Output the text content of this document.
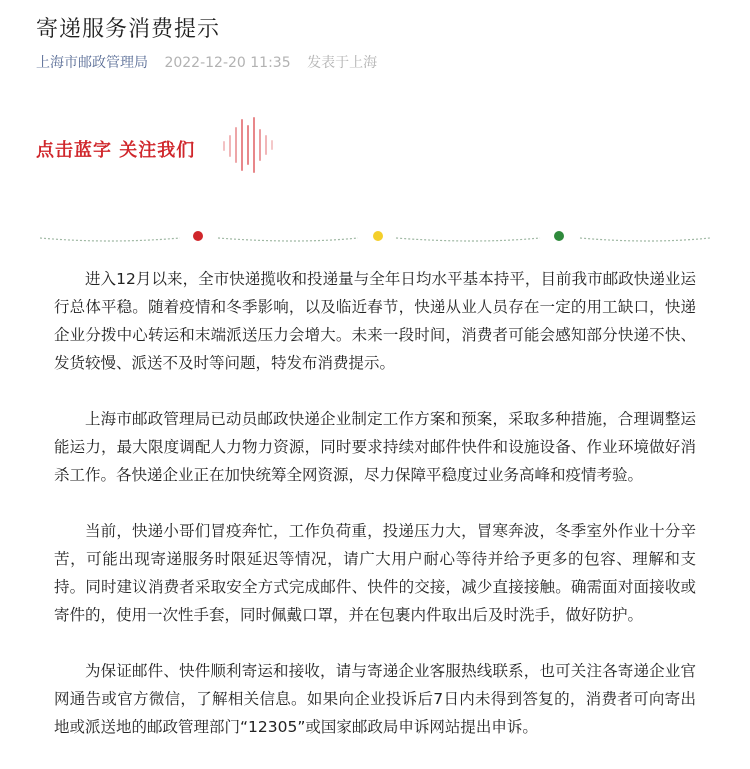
寄递服务消费提示
上海市邮政管理局 2022-12-20 11:35 发表于上海
点击蓝字 关注我们

进入12月以来，全市快递揽收和投递量与全年日均水平基本持平，目前我市邮政快递业运行总体平稳。随着疫情和冬季影响，以及临近春节，快递从业人员存在一定的用工缺口，快递企业分拨中心转运和末端派送压力会增大。未来一段时间，消费者可能会感知部分快递不快、发货较慢、派送不及时等问题，特发布消费提示。

上海市邮政管理局已动员邮政快递企业制定工作方案和预案，采取多种措施，合理调整运能运力，最大限度调配人力物力资源，同时要求持续对邮件快件和设施设备、作业环境做好消杀工作。各快递企业正在加快统筹全网资源，尽力保障平稳度过业务高峰和疫情考验。

当前，快递小哥们冒疫奔忙，工作负荷重，投递压力大，冒寒奔波，冬季室外作业十分辛苦，可能出现寄递服务时限延迟等情况，请广大用户耐心等待并给予更多的包容、理解和支持。同时建议消费者采取安全方式完成邮件、快件的交接，减少直接接触。确需面对面接收或寄件的，使用一次性手套，同时佩戴口罩，并在包裹内件取出后及时洗手，做好防护。

为保证邮件、快件顺利寄运和接收，请与寄递企业客服热线联系，也可关注各寄递企业官网通告或官方微信，了解相关信息。如果向企业投诉后7日内未得到答复的，消费者可向寄出地或派送地的邮政管理部门“12305”或国家邮政局申诉网站提出申诉。
